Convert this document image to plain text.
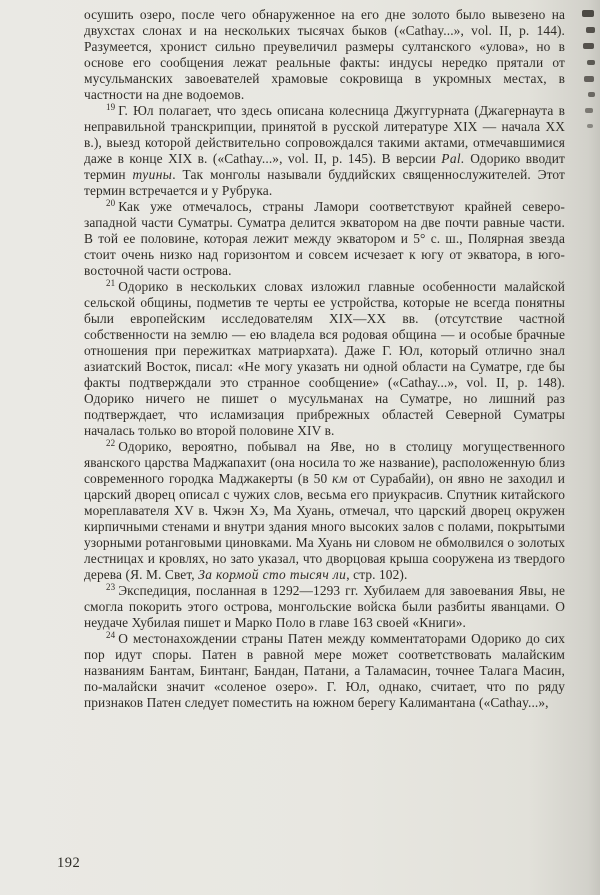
осушить озеро, после чего обнаруженное на его дне золото было вывезено на двухстах слонах и на нескольких тысячах быков («Cathay...», vol. II, p. 144). Разумеется, хронист сильно преувеличил размеры султанского «улова», но в основе его сообщения лежат реальные факты: индусы нередко прятали от мусульманских завоевателей храмовые сокровища в укромных местах, в частности на дне водоемов.
$^{19}$ Г. Юл полагает, что здесь описана колесница Джуггурната (Джагернаута в неправильной транскрипции, принятой в русской литературе XIX — начала XX в.), выезд которой действительно сопровождался такими актами, отмечавшимися даже в конце XIX в. («Cathay...», vol. II, p. 145). В версии Pal. Одорико вводит термин туины. Так монголы называли буддийских священнослужителей. Этот термин встречается и у Рубрука.
$^{20}$ Как уже отмечалось, страны Ламори соответствуют крайней северо-западной части Суматры. Суматра делится экватором на две почти равные части. В той ее половине, которая лежит между экватором и 5° с. ш., Полярная звезда стоит очень низко над горизонтом и совсем исчезает к югу от экватора, в юго-восточной части острова.
$^{21}$ Одорико в нескольких словах изложил главные особенности малайской сельской общины, подметив те черты ее устройства, которые не всегда понятны были европейским исследователям XIX—XX вв. (отсутствие частной собственности на землю — ею владела вся родовая община — и особые брачные отношения при пережитках матриархата). Даже Г. Юл, который отлично знал азиатский Восток, писал: «Не могу указать ни одной области на Суматре, где бы факты подтверждали это странное сообщение» («Cathay...», vol. II, p. 148). Одорико ничего не пишет о мусульманах на Суматре, но лишний раз подтверждает, что исламизация прибрежных областей Северной Суматры началась только во второй половине XIV в.
$^{22}$ Одорико, вероятно, побывал на Яве, но в столицу могущественного яванского царства Маджапахит (она носила то же название), расположенную близ современного городка Маджакерты (в 50 км от Сурабайи), он явно не заходил и царский дворец описал с чужих слов, весьма его приукрасив. Спутник китайского мореплавателя XV в. Чжэн Хэ, Ма Хуань, отмечал, что царский дворец окружен кирпичными стенами и внутри здания много высоких залов с полами, покрытыми узорными ротанговыми циновками. Ма Хуань ни словом не обмолвился о золотых лестницах и кровлях, но зато указал, что дворцовая крыша сооружена из твердого дерева (Я. М. Свет, За кормой сто тысяч ли, стр. 102).
$^{23}$ Экспедиция, посланная в 1292—1293 гг. Хубилаем для завоевания Явы, не смогла покорить этого острова, монгольские войска были разбиты яванцами. О неудаче Хубилая пишет и Марко Поло в главе 163 своей «Книги».
$^{24}$ О местонахождении страны Патен между комментаторами Одорико до сих пор идут споры. Патен в равной мере может соответствовать малайским названиям Бантам, Бинтанг, Бандан, Патани, а Таламасин, точнее Талага Масин, по-малайски значит «соленое озеро». Г. Юл, однако, считает, что по ряду признаков Патен следует поместить на южном берегу Калимантана («Cathay...»,
192
